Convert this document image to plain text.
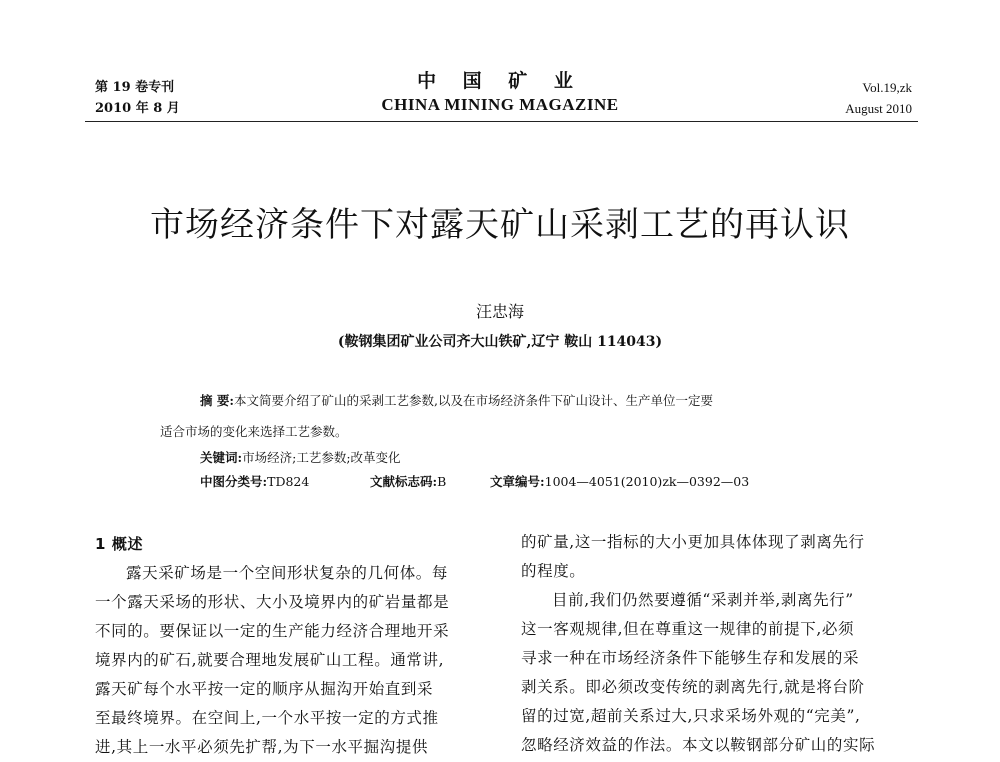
第 19 卷专刊
2010 年 8 月
中 国 矿 业
CHINA MINING MAGAZINE
Vol.19,zk
August 2010
市场经济条件下对露天矿山采剥工艺的再认识
汪忠海
(鞍钢集团矿业公司齐大山铁矿,辽宁 鞍山 114043)
摘 要:本文简要介绍了矿山的采剥工艺参数,以及在市场经济条件下矿山设计、生产单位一定要
适合市场的变化来选择工艺参数。
关键词:市场经济;工艺参数;改革变化
中图分类号:TD824	文献标志码:B	文章编号:1004—4051(2010)zk—0392—03

1 概述

露天采矿场是一个空间形状复杂的几何体。每

一个露天采场的形状、大小及境界内的矿岩量都是

不同的。要保证以一定的生产能力经济合理地开采

境界内的矿石,就要合理地发展矿山工程。通常讲,

露天矿每个水平按一定的顺序从掘沟开始直到采

至最终境界。在空间上,一个水平按一定的方式推

进,其上一水平必须先扩帮,为下一水平掘沟提供

的矿量,这一指标的大小更加具体体现了剥离先行

的程度。

目前,我们仍然要遵循“采剥并举,剥离先行”

这一客观规律,但在尊重这一规律的前提下,必须

寻求一种在市场经济条件下能够生存和发展的采

剥关系。即必须改变传统的剥离先行,就是将台阶

留的过宽,超前关系过大,只求采场外观的“完美”,

忽略经济效益的作法。本文以鞍钢部分矿山的实际
